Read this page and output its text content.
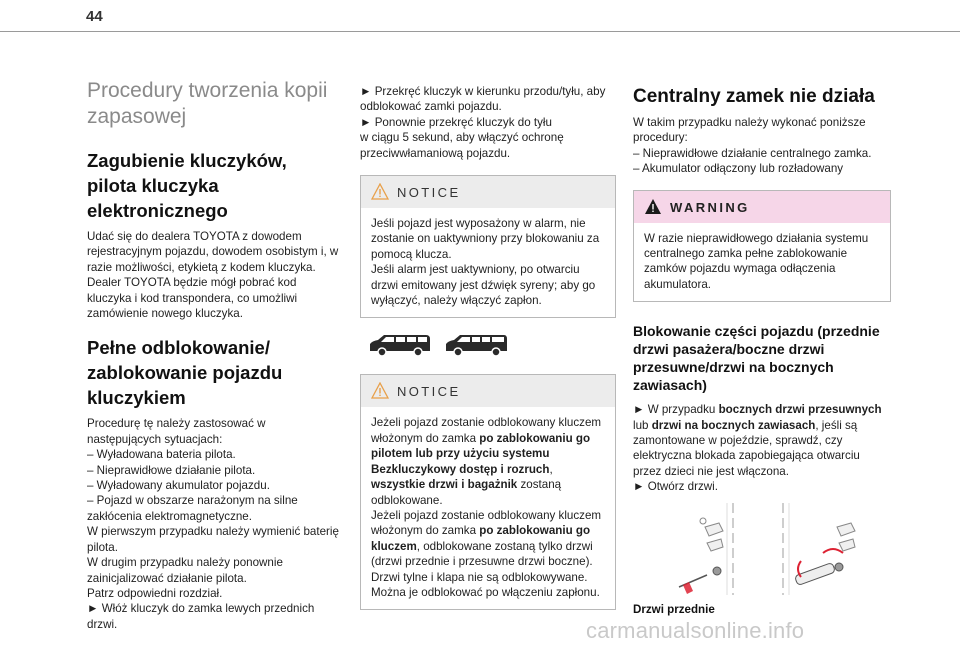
44
Procedury tworzenia kopii
zapasowej
Zagubienie kluczyków,
pilota kluczyka
elektronicznego
Udać się do dealera TOYOTA z dowodem
rejestracyjnym pojazdu, dowodem osobistym i, w
razie możliwości, etykietą z kodem kluczyka.
Dealer TOYOTA będzie mógł pobrać kod
kluczyka i kod transpondera, co umożliwi
zamówienie nowego kluczyka.
Pełne odblokowanie/
zablokowanie pojazdu
kluczykiem
Procedurę tę należy zastosować w
następujących sytuacjach:
– Wyładowana bateria pilota.
– Nieprawidłowe działanie pilota.
– Wyładowany akumulator pojazdu.
– Pojazd w obszarze narażonym na silne
zakłócenia elektromagnetyczne.
W pierwszym przypadku należy wymienić baterię
pilota.
W drugim przypadku należy ponownie
zainicjalizować działanie pilota.
Patrz odpowiedni rozdział.
► Włóż kluczyk do zamka lewych przednich
drzwi.
► Przekręć kluczyk w kierunku przodu/tyłu, aby
odblokować zamki pojazdu.
► Ponownie przekręć kluczyk do tyłu
w ciągu 5 sekund, aby włączyć ochronę
przeciwwłamaniową pojazdu.
NOTICE
Jeśli pojazd jest wyposażony w alarm, nie
zostanie on uaktywniony przy blokowaniu za
pomocą klucza.
Jeśli alarm jest uaktywniony, po otwarciu
drzwi emitowany jest dźwięk syreny; aby go
wyłączyć, należy włączyć zapłon.
NOTICE
Jeżeli pojazd zostanie odblokowany kluczem
włożonym do zamka po zablokowaniu go
pilotem lub przy użyciu systemu
Bezkluczykowy dostęp i rozruch,
wszystkie drzwi i bagażnik zostaną
odblokowane.
Jeżeli pojazd zostanie odblokowany kluczem
włożonym do zamka po zablokowaniu go
kluczem, odblokowane zostaną tylko drzwi
(drzwi przednie i przesuwne drzwi boczne).
Drzwi tylne i klapa nie są odblokowywane.
Można je odblokować po włączeniu zapłonu.
Centralny zamek nie działa
W takim przypadku należy wykonać poniższe
procedury:
– Nieprawidłowe działanie centralnego zamka.
– Akumulator odłączony lub rozładowany
WARNING
W razie nieprawidłowego działania systemu
centralnego zamka pełne zablokowanie
zamków pojazdu wymaga odłączenia
akumulatora.
Blokowanie części pojazdu (przednie
drzwi pasażera/boczne drzwi
przesuwne/drzwi na bocznych
zawiasach)
► W przypadku bocznych drzwi przesuwnych
lub drzwi na bocznych zawiasach, jeśli są
zamontowane w pojeździe, sprawdź, czy
elektryczna blokada zapobiegająca otwarciu
przez dzieci nie jest włączona.
► Otwórz drzwi.
Drzwi przednie
carmanualsonline.info
